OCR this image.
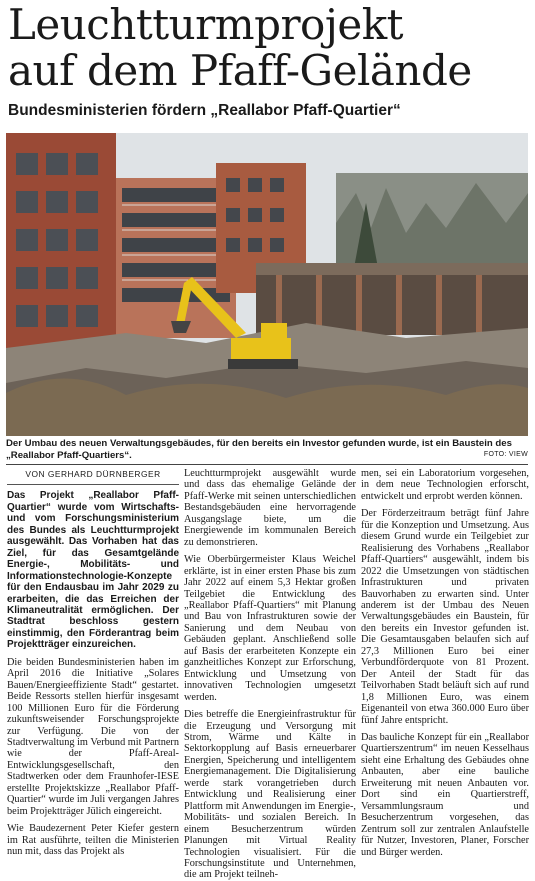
Leuchtturmprojekt
auf dem Pfaff-Gelände
Bundesministerien fördern „Reallabor Pfaff-Quartier“
Der Umbau des neuen Verwaltungsgebäudes, für den bereits ein Investor gefunden wurde, ist ein Baustein des „Reallabor Pfaff-Quartiers“.	FOTO: VIEW
VON GERHARD DÜRNBERGER

Das Projekt „Reallabor Pfaff-Quartier“ wurde vom Wirtschafts- und vom Forschungsministerium des Bundes als Leuchtturmprojekt ausgewählt. Das Vorhaben hat das Ziel, für das Gesamtgelände Energie-, Mobilitäts- und Informationstechnologie-Konzepte für den Endausbau im Jahr 2029 zu erarbeiten, die das Erreichen der Klimaneutralität ermöglichen. Der Stadtrat beschloss gestern einstimmig, den Förderantrag beim Projektträger einzureichen.

Die beiden Bundesministerien haben im April 2016 die Initiative „Solares Bauen/Energieeffiziente Stadt“ gestartet. Beide Ressorts stellen hierfür insgesamt 100 Millionen Euro für die Förderung zukunftsweisender Forschungsprojekte zur Verfügung. Die von der Stadtverwaltung im Verbund mit Partnern wie der Pfaff-Areal-Entwicklungsgesellschaft, den Stadtwerken oder dem Fraunhofer-IESE erstellte Projektskizze „Reallabor Pfaff-Quartier“ wurde im Juli vergangen Jahres beim Projektträger Jülich eingereicht.

Wie Baudezernent Peter Kiefer gestern im Rat ausführte, teilten die Ministerien nun mit, dass das Projekt als

Leuchtturmprojekt ausgewählt wurde und dass das ehemalige Gelände der Pfaff-Werke mit seinen unterschiedlichen Bestandsgebäuden eine hervorragende Ausgangslage biete, um die Energiewende im kommunalen Bereich zu demonstrieren.

Wie Oberbürgermeister Klaus Weichel erklärte, ist in einer ersten Phase bis zum Jahr 2022 auf einem 5,3 Hektar großen Teilgebiet die Entwicklung des „Reallabor Pfaff-Quartiers“ mit Planung und Bau von Infrastrukturen sowie der Sanierung und dem Neubau von Gebäuden geplant. Anschließend solle auf Basis der erarbeiteten Konzepte ein ganzheitliches Konzept zur Erforschung, Entwicklung und Umsetzung von innovativen Technologien umgesetzt werden.

Dies betreffe die Energieinfrastruktur für die Erzeugung und Versorgung mit Strom, Wärme und Kälte in Sektorkopplung auf Basis erneuerbarer Energien, Speicherung und intelligentem Energiemanagement. Die Digitalisierung werde stark vorangetrieben durch Entwicklung und Realisierung einer Plattform mit Anwendungen im Energie-, Mobilitäts- und sozialen Bereich. In einem Besucherzentrum würden Planungen mit Virtual Reality Technologien visualisiert. Für die Forschungsinstitute und Unternehmen, die am Projekt teilneh-

men, sei ein Laboratorium vorgesehen, in dem neue Technologien erforscht, entwickelt und erprobt werden können.

Der Förderzeitraum beträgt fünf Jahre für die Konzeption und Umsetzung. Aus diesem Grund wurde ein Teilgebiet zur Realisierung des Vorhabens „Reallabor Pfaff-Quartiers“ ausgewählt, indem bis 2022 die Umsetzungen von städtischen Infrastrukturen und privaten Bauvorhaben zu erwarten sind. Unter anderem ist der Umbau des Neuen Verwaltungsgebäudes ein Baustein, für den bereits ein Investor gefunden ist. Die Gesamtausgaben belaufen sich auf 27,3 Millionen Euro bei einer Verbundförderquote von 81 Prozent. Der Anteil der Stadt für das Teilvorhaben Stadt beläuft sich auf rund 1,8 Millionen Euro, was einem Eigenanteil von etwa 360.000 Euro über fünf Jahre entspricht.

Das bauliche Konzept für ein „Reallabor Quartierszentrum“ im neuen Kesselhaus sieht eine Erhaltung des Gebäudes ohne Anbauten, aber eine bauliche Erweiterung mit neuen Anbauten vor. Dort sind ein Quartierstreff, Versammlungsraum und Besucherzentrum vorgesehen, das Zentrum soll zur zentralen Anlaufstelle für Nutzer, Investoren, Planer, Forscher und Bürger werden.
